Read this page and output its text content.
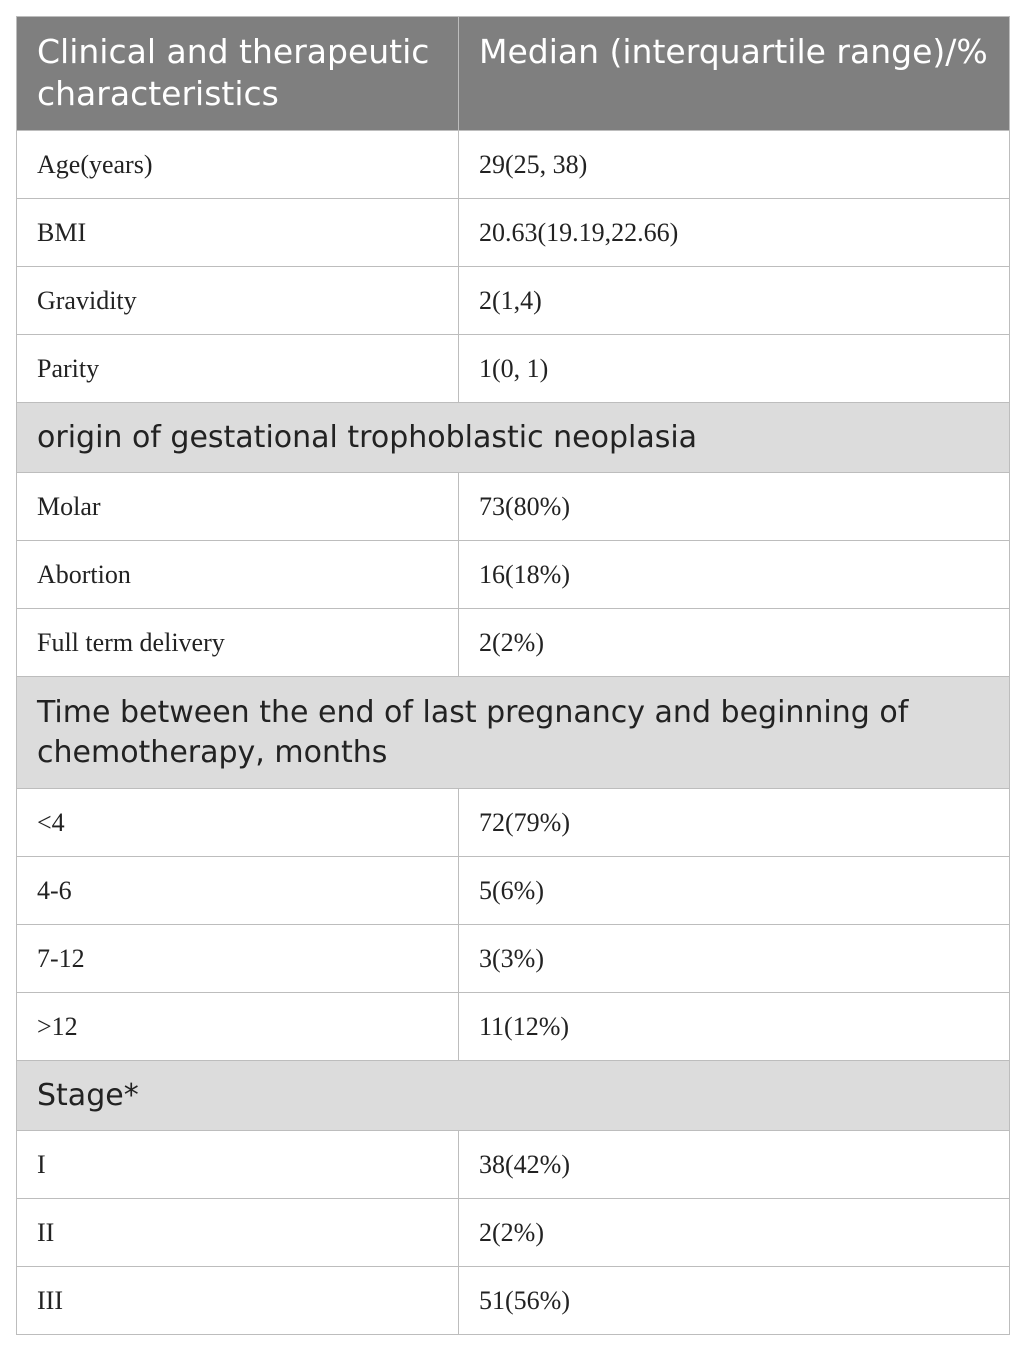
Clinical and therapeutic characteristics	Median (interquartile range)/%

Age(years)	29(25, 38)
BMI	20.63(19.19,22.66)
Gravidity	2(1,4)
Parity	1(0, 1)
origin of gestational trophoblastic neoplasia	
Molar	73(80%)
Abortion	16(18%)
Full term delivery	2(2%)
Time between the end of last pregnancy and beginning of chemotherapy, months	
<4	72(79%)
4-6	5(6%)
7-12	3(3%)
>12	11(12%)
Stage*	
I	38(42%)
II	2(2%)
III	51(56%)
